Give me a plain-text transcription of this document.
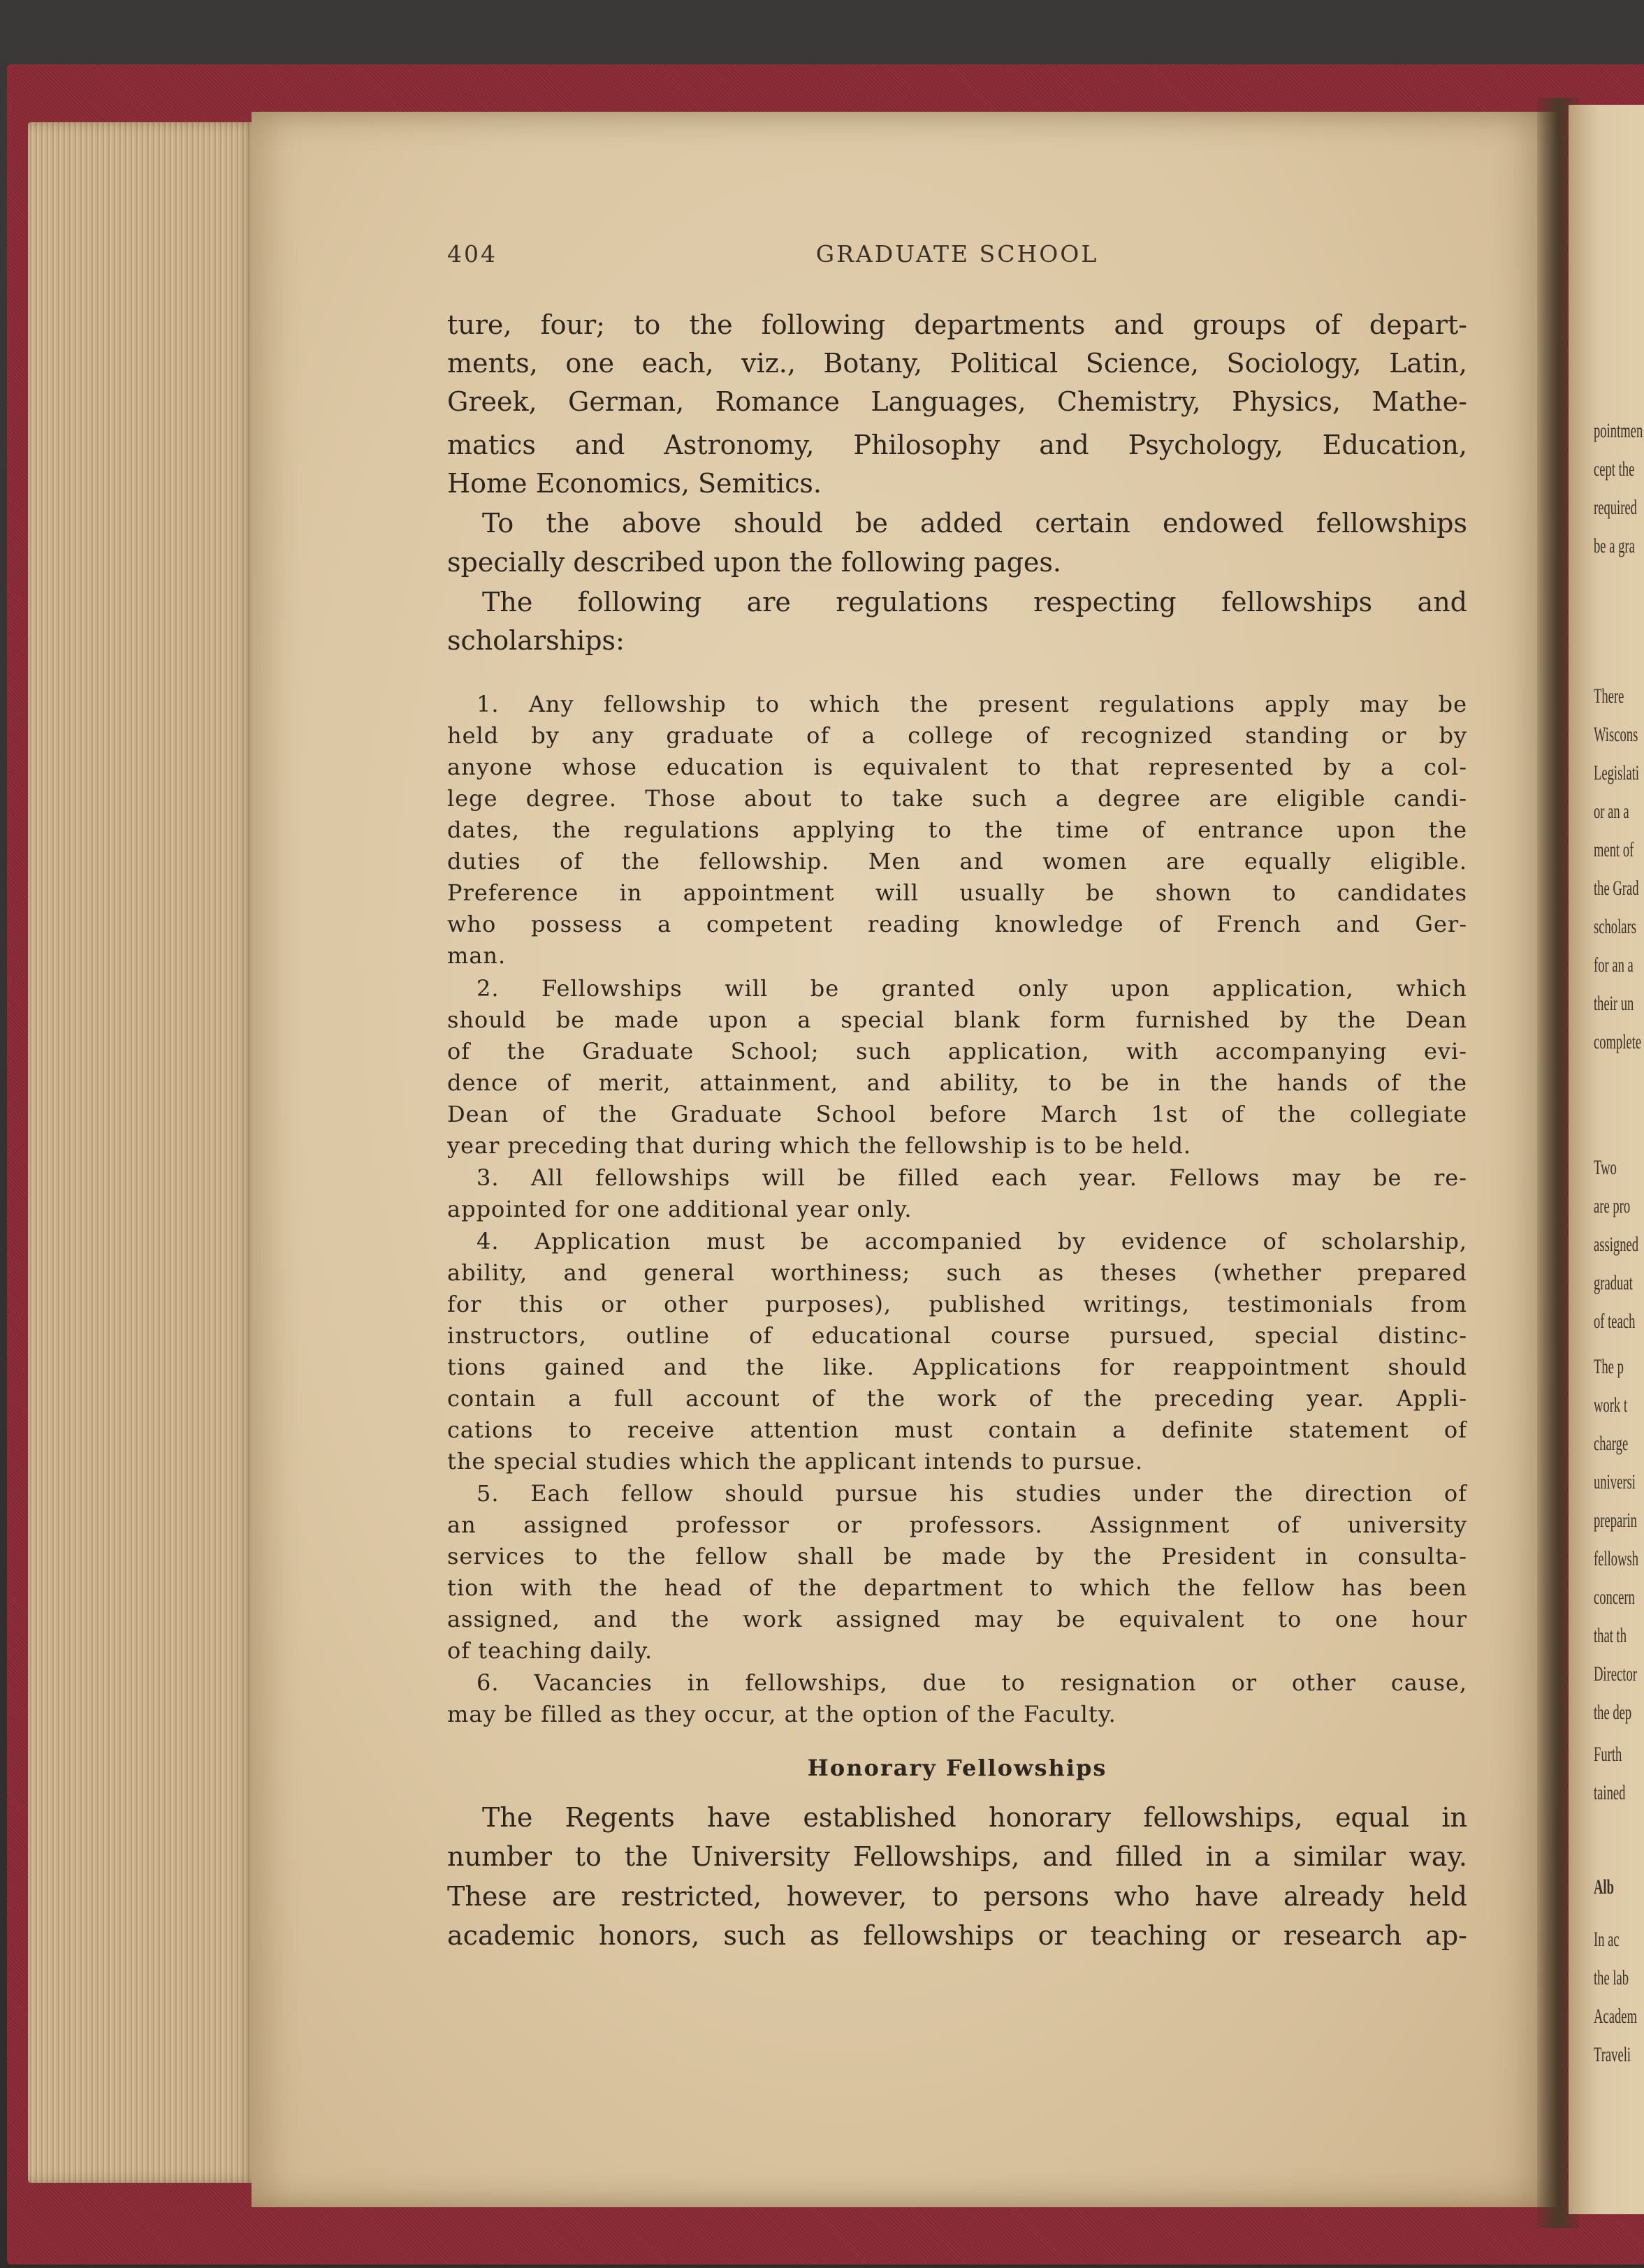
pointmen
cept the
required
be a gra
There
Wiscons
Legislati
or an a
ment of
the Grad
scholars
for an a
their un
complete
Two
are pro
assigned
graduat
of teach
The p
work t
charge
universi
preparin
fellowsh
concern
that th
Director
the dep
Furth
tained
Alb
In ac
the lab
Academ
Traveli
404	GRADUATE SCHOOL
ture, four; to the following departments and groups of depart-
ments, one each, viz., Botany, Political Science, Sociology, Latin,
Greek, German, Romance Languages, Chemistry, Physics, Mathe-
matics and Astronomy, Philosophy and Psychology, Education,
Home Economics, Semitics.
To the above should be added certain endowed fellowships
specially described upon the following pages.
The following are regulations respecting fellowships and
scholarships:
1. Any fellowship to which the present regulations apply may be
held by any graduate of a college of recognized standing or by
anyone whose education is equivalent to that represented by a col-
lege degree. Those about to take such a degree are eligible candi-
dates, the regulations applying to the time of entrance upon the
duties of the fellowship. Men and women are equally eligible.
Preference in appointment will usually be shown to candidates
who possess a competent reading knowledge of French and Ger-
man.
2. Fellowships will be granted only upon application, which
should be made upon a special blank form furnished by the Dean
of the Graduate School; such application, with accompanying evi-
dence of merit, attainment, and ability, to be in the hands of the
Dean of the Graduate School before March 1st of the collegiate
year preceding that during which the fellowship is to be held.
3. All fellowships will be filled each year. Fellows may be re-
appointed for one additional year only.
4. Application must be accompanied by evidence of scholarship,
ability, and general worthiness; such as theses (whether prepared
for this or other purposes), published writings, testimonials from
instructors, outline of educational course pursued, special distinc-
tions gained and the like. Applications for reappointment should
contain a full account of the work of the preceding year. Appli-
cations to receive attention must contain a definite statement of
the special studies which the applicant intends to pursue.
5. Each fellow should pursue his studies under the direction of
an assigned professor or professors. Assignment of university
services to the fellow shall be made by the President in consulta-
tion with the head of the department to which the fellow has been
assigned, and the work assigned may be equivalent to one hour
of teaching daily.
6. Vacancies in fellowships, due to resignation or other cause,
may be filled as they occur, at the option of the Faculty.
Honorary Fellowships
The Regents have established honorary fellowships, equal in
number to the University Fellowships, and filled in a similar way.
These are restricted, however, to persons who have already held
academic honors, such as fellowships or teaching or research ap-
